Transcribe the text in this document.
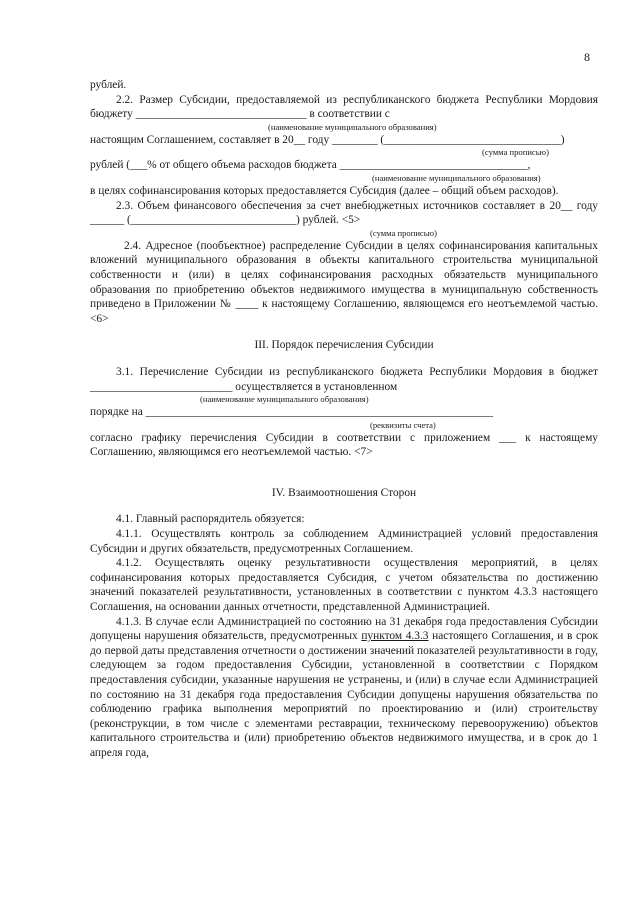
8

рублей.

2.2. Размер Субсидии, предоставляемой из республиканского бюджета Республики Мордовия бюджету ______________________________ в соответствии с

(наименование муниципального образования)

настоящим Соглашением, составляет в 20__ году ________ (_______________________________)

(сумма прописью)

рублей (___% от общего объема расходов бюджета _________________________________,

(наименование муниципального образования)

в целях софинансирования которых предоставляется Субсидия (далее – общий объем расходов).

2.3. Объем финансового обеспечения за счет внебюджетных источников составляет в 20__ году ______ (_____________________________) рублей. <5>

(сумма прописью)

2.4. Адресное (пообъектное) распределение Субсидии в целях софинансирования капитальных вложений муниципального образования в объекты капитального строительства муниципальной собственности и (или) в целях софинансирования расходных обязательств муниципального образования по приобретению объектов недвижимого имущества в муниципальную собственность приведено в Приложении № ____ к настоящему Соглашению, являющемся его неотъемлемой частью. <6>

III. Порядок перечисления Субсидии

3.1. Перечисление Субсидии из республиканского бюджета Республики Мордовия в бюджет _________________________ осуществляется в установленном

(наименование муниципального образования)

порядке на _____________________________________________________________

(реквизиты счета)

согласно графику перечисления Субсидии в соответствии с приложением ___ к настоящему Соглашению, являющимся его неотъемлемой частью. <7>

IV. Взаимоотношения Сторон

4.1. Главный распорядитель обязуется:

4.1.1. Осуществлять контроль за соблюдением Администрацией условий предоставления Субсидии и других обязательств, предусмотренных Соглашением.

4.1.2. Осуществлять оценку результативности осуществления мероприятий, в целях софинансирования которых предоставляется Субсидия, с учетом обязательства по достижению значений показателей результативности, установленных в соответствии с пунктом 4.3.3 настоящего Соглашения, на основании данных отчетности, представленной Администрацией.

4.1.3. В случае если Администрацией по состоянию на 31 декабря года предоставления Субсидии допущены нарушения обязательств, предусмотренных пунктом 4.3.3 настоящего Соглашения, и в срок до первой даты представления отчетности о достижении значений показателей результативности в году, следующем за годом предоставления Субсидии, установленной в соответствии с Порядком предоставления субсидии, указанные нарушения не устранены, и (или) в случае если Администрацией по состоянию на 31 декабря года предоставления Субсидии допущены нарушения обязательства по соблюдению графика выполнения мероприятий по проектированию и (или) строительству (реконструкции, в том числе с элементами реставрации, техническому перевооружению) объектов капитального строительства и (или) приобретению объектов недвижимого имущества, и в срок до 1 апреля года,
